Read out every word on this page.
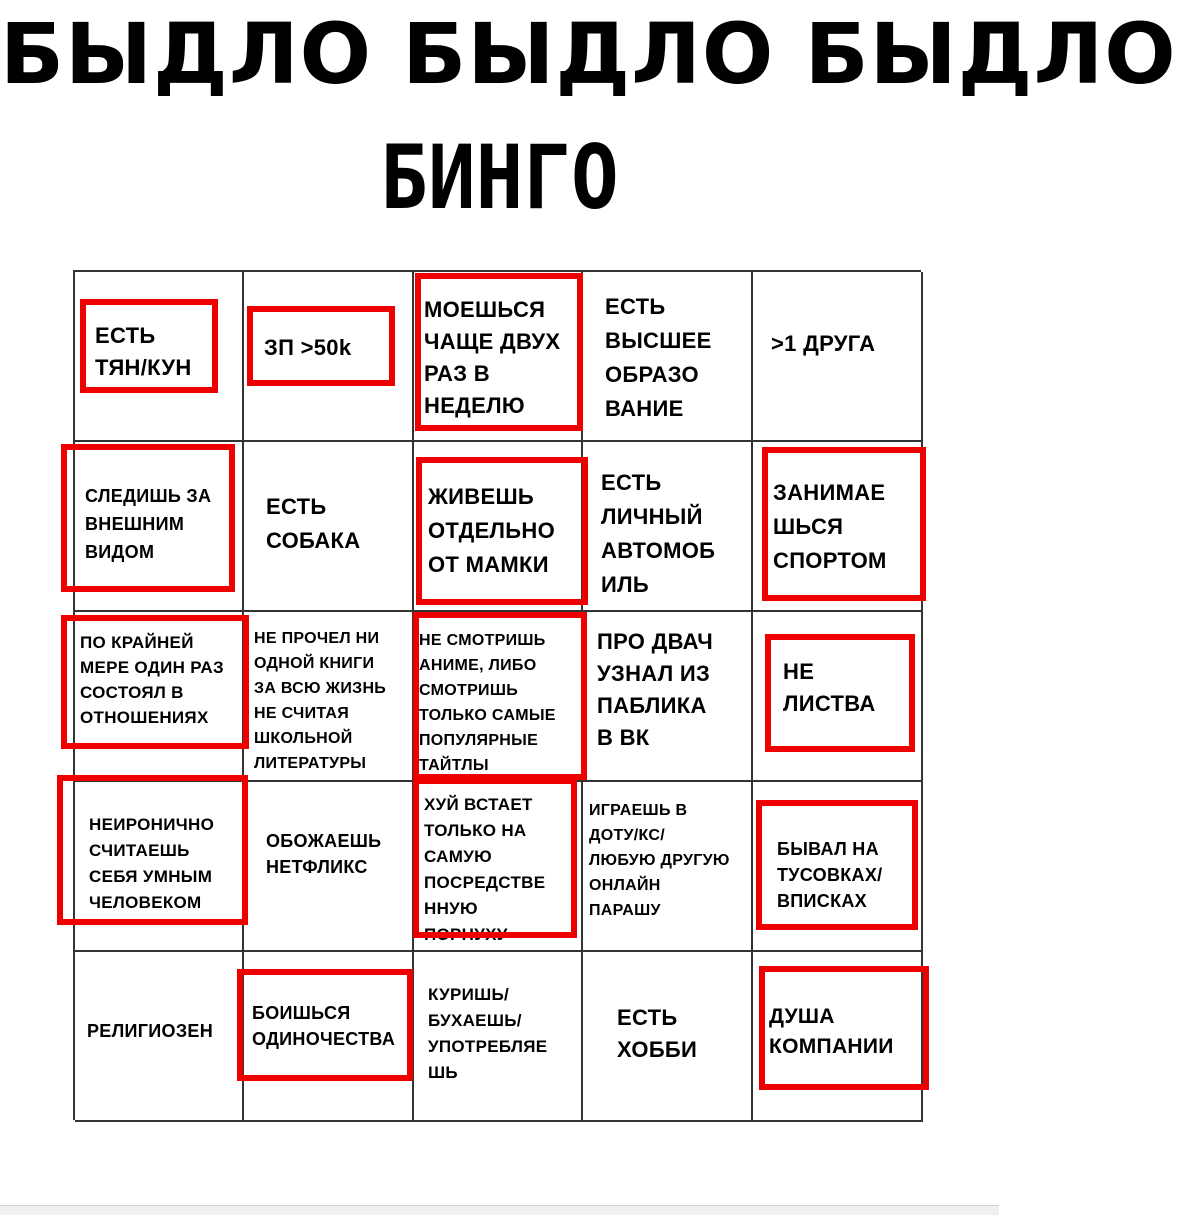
БЫДЛО БЫДЛО БЫДЛО
БИНГО
ЕСТЬ
ТЯН/КУН
ЗП >50k
МОЕШЬСЯ
ЧАЩЕ ДВУХ
РАЗ В
НЕДЕЛЮ
ЕСТЬ
ВЫСШЕЕ
ОБРАЗО
ВАНИЕ
>1 ДРУГА
СЛЕДИШЬ ЗА
ВНЕШНИМ
ВИДОМ
ЕСТЬ
СОБАКА
ЖИВЕШЬ
ОТДЕЛЬНО
ОТ МАМКИ
ЕСТЬ
ЛИЧНЫЙ
АВТОМОБ
ИЛЬ
ЗАНИМАЕ
ШЬСЯ
СПОРТОМ
ПО КРАЙНЕЙ
МЕРЕ ОДИН РАЗ
СОСТОЯЛ В
ОТНОШЕНИЯХ
НЕ ПРОЧЕЛ НИ
ОДНОЙ КНИГИ
ЗА ВСЮ ЖИЗНЬ
НЕ СЧИТАЯ
ШКОЛЬНОЙ
ЛИТЕРАТУРЫ
НЕ СМОТРИШЬ
АНИМЕ, ЛИБО
СМОТРИШЬ
ТОЛЬКО САМЫЕ
ПОПУЛЯРНЫЕ
ТАЙТЛЫ
ПРО ДВАЧ
УЗНАЛ ИЗ
ПАБЛИКА
В ВК
НЕ
ЛИСТВА
НЕИРОНИЧНО
СЧИТАЕШЬ
СЕБЯ УМНЫМ
ЧЕЛОВЕКОМ
ОБОЖАЕШЬ
НЕТФЛИКС
ХУЙ ВСТАЕТ
ТОЛЬКО НА
САМУЮ
ПОСРЕДСТВЕ
ННУЮ
ПОРНУХУ
ИГРАЕШЬ В
ДОТУ/КС/
ЛЮБУЮ ДРУГУЮ
ОНЛАЙН
ПАРАШУ
БЫВАЛ НА
ТУСОВКАХ/
ВПИСКАХ
РЕЛИГИОЗЕН
БОИШЬСЯ
ОДИНОЧЕСТВА
КУРИШЬ/
БУХАЕШЬ/
УПОТРЕБЛЯЕ
ШЬ
ЕСТЬ
ХОББИ
ДУША
КОМПАНИИ
